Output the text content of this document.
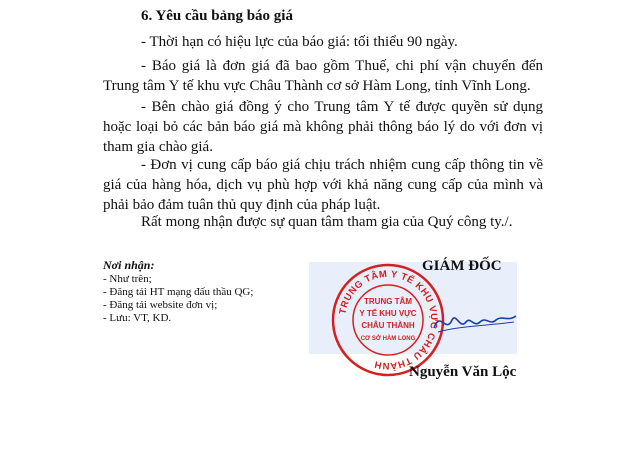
6. Yêu cầu bảng báo giá
- Thời hạn có hiệu lực của báo giá: tối thiểu 90 ngày.
- Báo giá là đơn giá đã bao gồm Thuế, chi phí vận chuyển đến Trung tâm Y tế khu vực Châu Thành cơ sở Hàm Long, tỉnh Vĩnh Long.
- Bên chào giá đồng ý cho Trung tâm Y tế được quyền sử dụng hoặc loại bỏ các bản báo giá mà không phải thông báo lý do với đơn vị tham gia chào giá.
- Đơn vị cung cấp báo giá chịu trách nhiệm cung cấp thông tin về giá của hàng hóa, dịch vụ phù hợp với khả năng cung cấp của mình và phải bảo đảm tuân thủ quy định của pháp luật.
Rất mong nhận được sự quan tâm tham gia của Quý công ty./.
Nơi nhận:
- Như trên;
- Đăng tải HT mạng đấu thầu QG;
- Đăng tải website đơn vị;
- Lưu: VT, KD.
TRUNG TÂM Y TẾ KHU VỰC CHÂU THÀNH
TRUNG TÂM
Y TẾ KHU VỰC
CHÂU THÀNH
CƠ SỞ HÀM LONG
GIÁM ĐỐC
Nguyễn Văn Lộc
